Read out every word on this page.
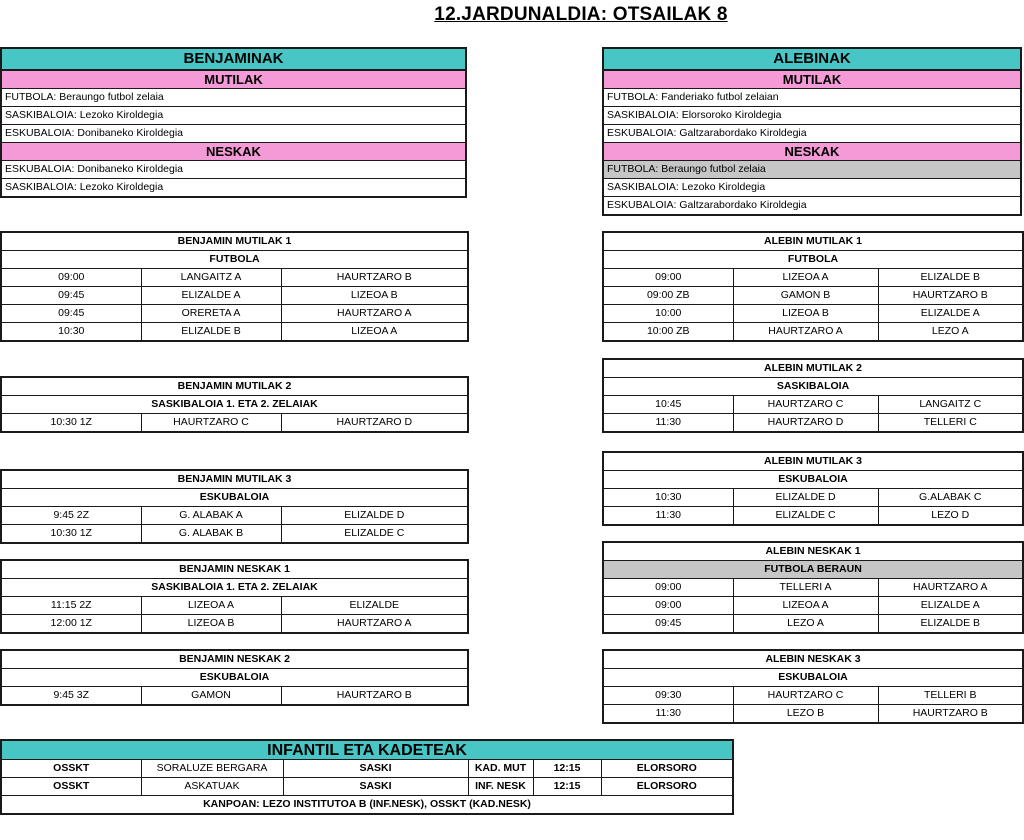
12.JARDUNALDIA: OTSAILAK 8
BENJAMINAK
MUTILAK
FUTBOLA: Beraungo futbol zelaia
SASKIBALOIA: Lezoko Kiroldegia
ESKUBALOIA: Donibaneko Kiroldegia
NESKAK
ESKUBALOIA: Donibaneko Kiroldegia
SASKIBALOIA: Lezoko Kiroldegia
ALEBINAK
MUTILAK
FUTBOLA: Fanderiako futbol zelaian
SASKIBALOIA: Elorsoroko Kiroldegia
ESKUBALOIA: Galtzarabordako Kiroldegia
NESKAK
FUTBOLA: Beraungo futbol zelaia
SASKIBALOIA: Lezoko Kiroldegia
ESKUBALOIA: Galtzarabordako Kiroldegia
BENJAMIN MUTILAK 1		
FUTBOLA		
09:00	LANGAITZ A	HAURTZARO B
09:45	ELIZALDE A	LIZEOA B
09:45	ORERETA A	HAURTZARO A
10:30	ELIZALDE B	LIZEOA A
BENJAMIN MUTILAK 2
SASKIBALOIA 1. ETA 2. ZELAIAK
10:30 1Z	HAURTZARO C	HAURTZARO D
BENJAMIN MUTILAK 3		
ESKUBALOIA		
9:45 2Z	G. ALABAK A	ELIZALDE D
10:30 1Z	G. ALABAK B	ELIZALDE C
BENJAMIN NESKAK 1		
SASKIBALOIA 1. ETA 2. ZELAIAK		
11:15 2Z	LIZEOA A	ELIZALDE
12:00 1Z	LIZEOA B	HAURTZARO A
BENJAMIN NESKAK 2
ESKUBALOIA
9:45 3Z	GAMON	HAURTZARO B
ALEBIN MUTILAK 1		
FUTBOLA		
09:00	LIZEOA A	ELIZALDE B
09:00 ZB	GAMON B	HAURTZARO B
10:00	LIZEOA B	ELIZALDE A
10:00 ZB	HAURTZARO A	LEZO A
ALEBIN MUTILAK 2		
SASKIBALOIA		
10:45	HAURTZARO C	LANGAITZ C
11:30	HAURTZARO D	TELLERI C
ALEBIN MUTILAK 3		
ESKUBALOIA		
10:30	ELIZALDE D	G.ALABAK C
11:30	ELIZALDE C	LEZO D
ALEBIN NESKAK 1		
FUTBOLA BERAUN		
09:00	TELLERI A	HAURTZARO A
09:00	LIZEOA A	ELIZALDE A
09:45	LEZO A	ELIZALDE B
ALEBIN NESKAK 3		
ESKUBALOIA		
09:30	HAURTZARO C	TELLERI B
11:30	LEZO B	HAURTZARO B
INFANTIL ETA KADETEAK					
OSSKT	SORALUZE BERGARA	SASKI	KAD. MUT	12:15	ELORSORO
OSSKT	ASKATUAK	SASKI	INF. NESK	12:15	ELORSORO
KANPOAN: LEZO INSTITUTOA B (INF.NESK), OSSKT (KAD.NESK)					
